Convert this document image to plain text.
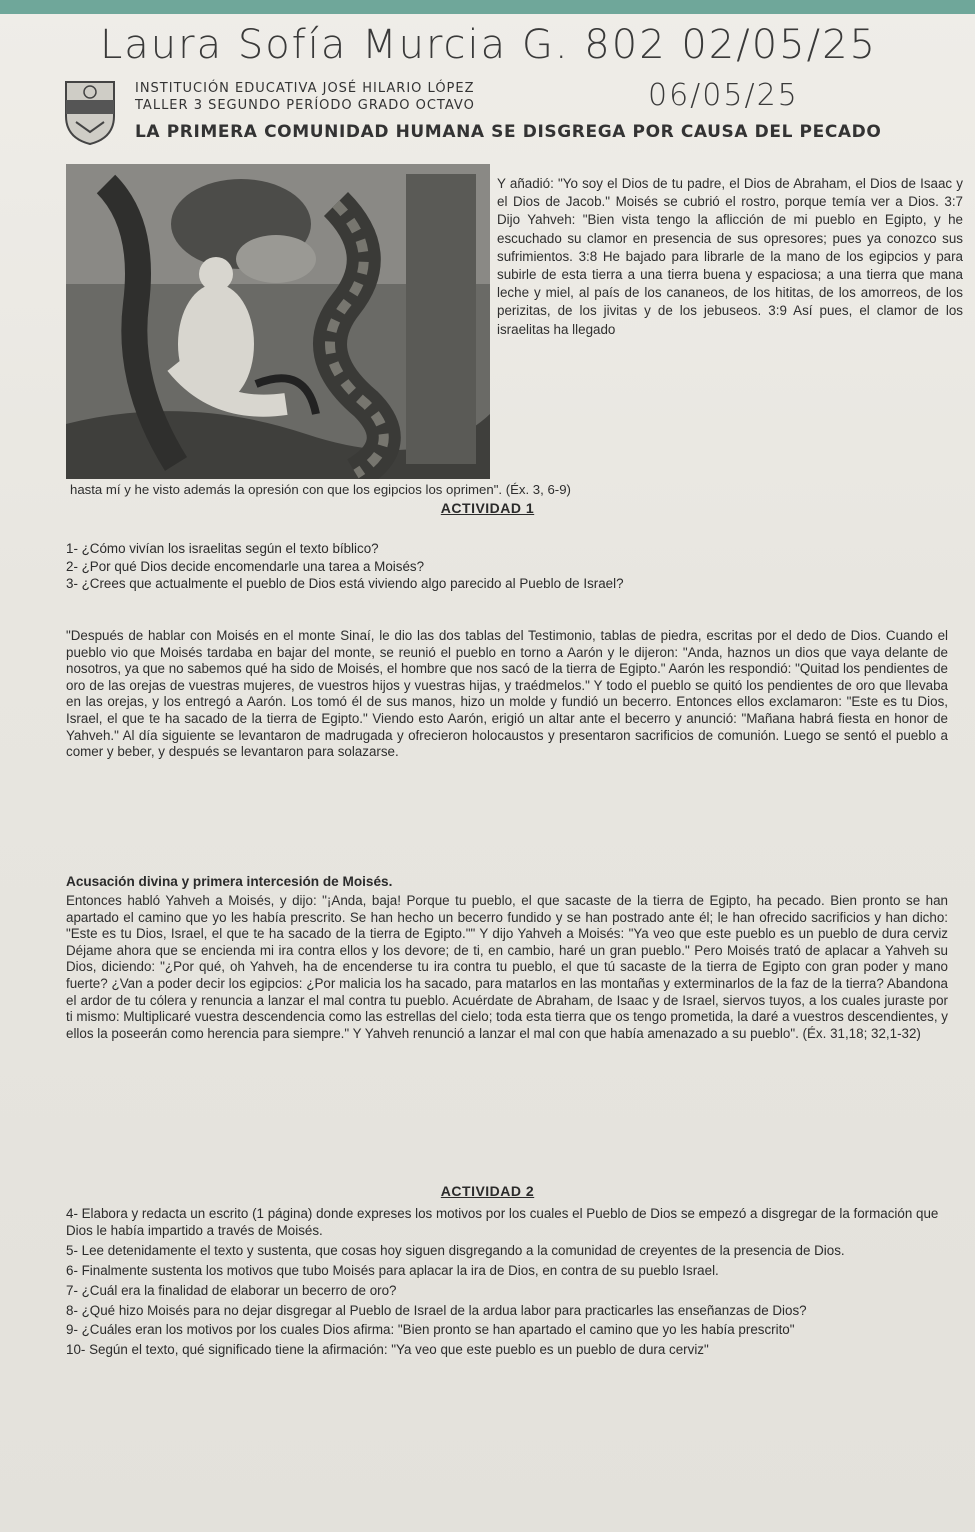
Laura Sofía Murcia G. 802 02/05/25
06/05/25
INSTITUCIÓN EDUCATIVA JOSÉ HILARIO LÓPEZ
TALLER 3 SEGUNDO PERÍODO GRADO OCTAVO
LA PRIMERA COMUNIDAD HUMANA SE DISGREGA POR CAUSA DEL PECADO
Y añadió: "Yo soy el Dios de tu padre, el Dios de Abraham, el Dios de Isaac y el Dios de Jacob." Moisés se cubrió el rostro, porque temía ver a Dios. 3:7 Dijo Yahveh: "Bien vista tengo la aflicción de mi pueblo en Egipto, y he escuchado su clamor en presencia de sus opresores; pues ya conozco sus sufrimientos. 3:8 He bajado para librarle de la mano de los egipcios y para subirle de esta tierra a una tierra buena y espaciosa; a una tierra que mana leche y miel, al país de los cananeos, de los hititas, de los amorreos, de los perizitas, de los jivitas y de los jebuseos. 3:9 Así pues, el clamor de los israelitas ha llegado
hasta mí y he visto además la opresión con que los egipcios los oprimen". (Éx. 3, 6-9)
ACTIVIDAD 1

1- ¿Cómo vivían los israelitas según el texto bíblico?

2- ¿Por qué Dios decide encomendarle una tarea a Moisés?

3- ¿Crees que actualmente el pueblo de Dios está viviendo algo parecido al Pueblo de Israel?

"Después de hablar con Moisés en el monte Sinaí, le dio las dos tablas del Testimonio, tablas de piedra, escritas por el dedo de Dios. Cuando el pueblo vio que Moisés tardaba en bajar del monte, se reunió el pueblo en torno a Aarón y le dijeron: "Anda, haznos un dios que vaya delante de nosotros, ya que no sabemos qué ha sido de Moisés, el hombre que nos sacó de la tierra de Egipto." Aarón les respondió: "Quitad los pendientes de oro de las orejas de vuestras mujeres, de vuestros hijos y vuestras hijas, y traédmelos." Y todo el pueblo se quitó los pendientes de oro que llevaba en las orejas, y los entregó a Aarón. Los tomó él de sus manos, hizo un molde y fundió un becerro. Entonces ellos exclamaron: "Este es tu Dios, Israel, el que te ha sacado de la tierra de Egipto." Viendo esto Aarón, erigió un altar ante el becerro y anunció: "Mañana habrá fiesta en honor de Yahveh." Al día siguiente se levantaron de madrugada y ofrecieron holocaustos y presentaron sacrificios de comunión. Luego se sentó el pueblo a comer y beber, y después se levantaron para solazarse.
Acusación divina y primera intercesión de Moisés.
Entonces habló Yahveh a Moisés, y dijo: "¡Anda, baja! Porque tu pueblo, el que sacaste de la tierra de Egipto, ha pecado. Bien pronto se han apartado el camino que yo les había prescrito. Se han hecho un becerro fundido y se han postrado ante él; le han ofrecido sacrificios y han dicho: "Este es tu Dios, Israel, el que te ha sacado de la tierra de Egipto."" Y dijo Yahveh a Moisés: "Ya veo que este pueblo es un pueblo de dura cerviz Déjame ahora que se encienda mi ira contra ellos y los devore; de ti, en cambio, haré un gran pueblo." Pero Moisés trató de aplacar a Yahveh su Dios, diciendo: "¿Por qué, oh Yahveh, ha de encenderse tu ira contra tu pueblo, el que tú sacaste de la tierra de Egipto con gran poder y mano fuerte? ¿Van a poder decir los egipcios: ¿Por malicia los ha sacado, para matarlos en las montañas y exterminarlos de la faz de la tierra? Abandona el ardor de tu cólera y renuncia a lanzar el mal contra tu pueblo. Acuérdate de Abraham, de Isaac y de Israel, siervos tuyos, a los cuales juraste por ti mismo: Multiplicaré vuestra descendencia como las estrellas del cielo; toda esta tierra que os tengo prometida, la daré a vuestros descendientes, y ellos la poseerán como herencia para siempre." Y Yahveh renunció a lanzar el mal con que había amenazado a su pueblo". (Éx. 31,18; 32,1-32)
ACTIVIDAD 2

4- Elabora y redacta un escrito (1 página) donde expreses los motivos por los cuales el Pueblo de Dios se empezó a disgregar de la formación que Dios le había impartido a través de Moisés.

5- Lee detenidamente el texto y sustenta, que cosas hoy siguen disgregando a la comunidad de creyentes de la presencia de Dios.

6- Finalmente sustenta los motivos que tubo Moisés para aplacar la ira de Dios, en contra de su pueblo Israel.

7- ¿Cuál era la finalidad de elaborar un becerro de oro?

8- ¿Qué hizo Moisés para no dejar disgregar al Pueblo de Israel de la ardua labor para practicarles las enseñanzas de Dios?

9- ¿Cuáles eran los motivos por los cuales Dios afirma: "Bien pronto se han apartado el camino que yo les había prescrito"

10- Según el texto, qué significado tiene la afirmación: "Ya veo que este pueblo es un pueblo de dura cerviz"
